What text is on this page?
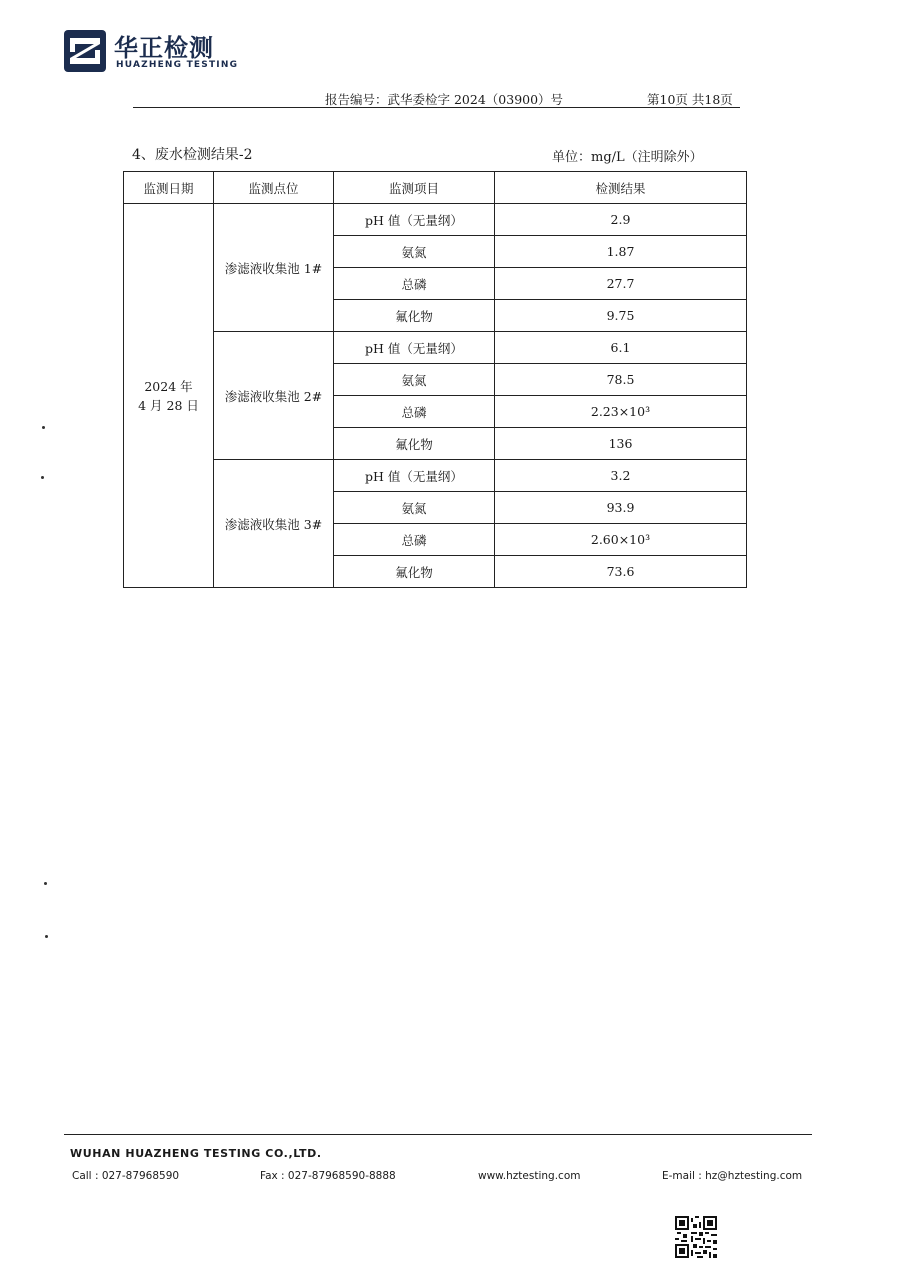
华正检测
HUAZHENG TESTING
报告编号：武华委检字 2024（03900）号	第10页 共18页
4、废水检测结果-2	单位：mg/L（注明除外）
监测日期	监测点位	监测项目	检测结果

2024 年
4 月 28 日	渗滤液收集池 1#	pH 值（无量纲）	2.9
		氨氮	1.87
		总磷	27.7
		氟化物	9.75
	渗滤液收集池 2#	pH 值（无量纲）	6.1
		氨氮	78.5
		总磷	2.23×10³
		氟化物	136
	渗滤液收集池 3#	pH 值（无量纲）	3.2
		氨氮	93.9
		总磷	2.60×10³
		氟化物	73.6
WUHAN HUAZHENG TESTING CO.,LTD.
Call : 027-87968590	Fax : 027-87968590-8888	www.hztesting.com	E-mail : hz@hztesting.com
